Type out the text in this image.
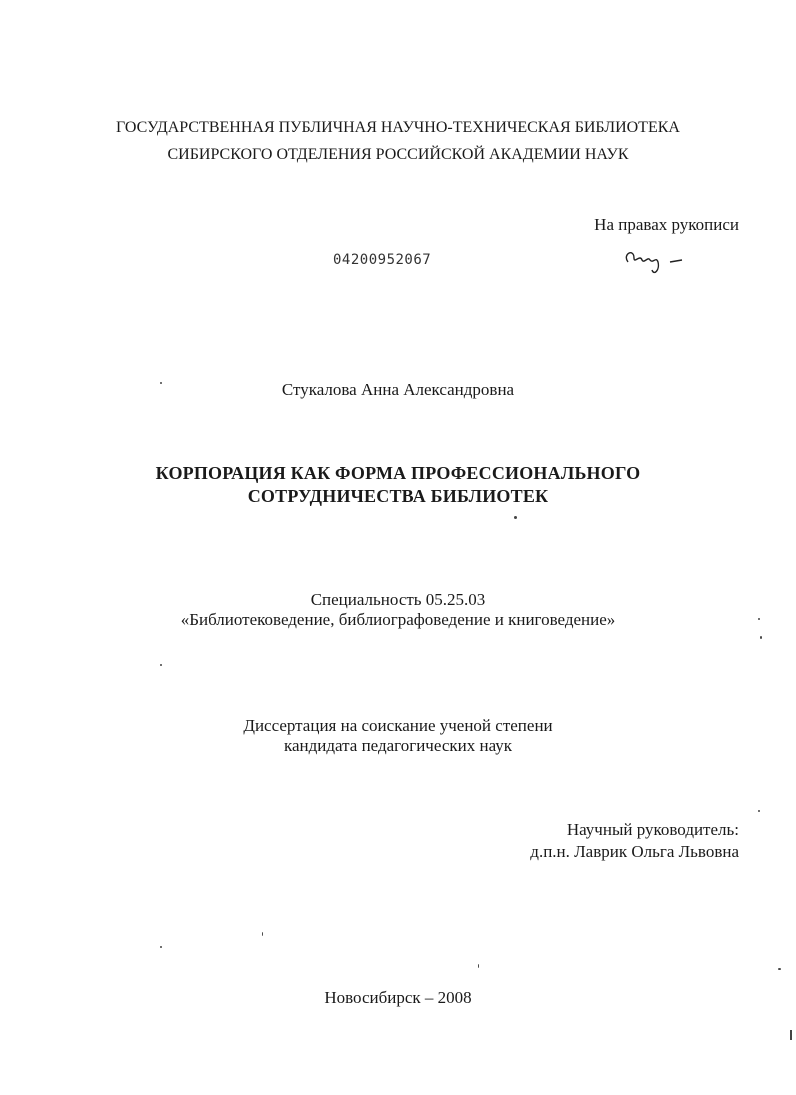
ГОСУДАРСТВЕННАЯ ПУБЛИЧНАЯ НАУЧНО-ТЕХНИЧЕСКАЯ БИБЛИОТЕКА
СИБИРСКОГО ОТДЕЛЕНИЯ РОССИЙСКОЙ АКАДЕМИИ НАУК
На правах рукописи
04200952067
Стукалова Анна Александровна
КОРПОРАЦИЯ КАК ФОРМА ПРОФЕССИОНАЛЬНОГО
СОТРУДНИЧЕСТВА БИБЛИОТЕК
Специальность 05.25.03
«Библиотековедение, библиографоведение и книговедение»
Диссертация на соискание ученой степени
кандидата педагогических наук
Научный руководитель:
д.п.н. Лаврик Ольга Львовна
Новосибирск – 2008
